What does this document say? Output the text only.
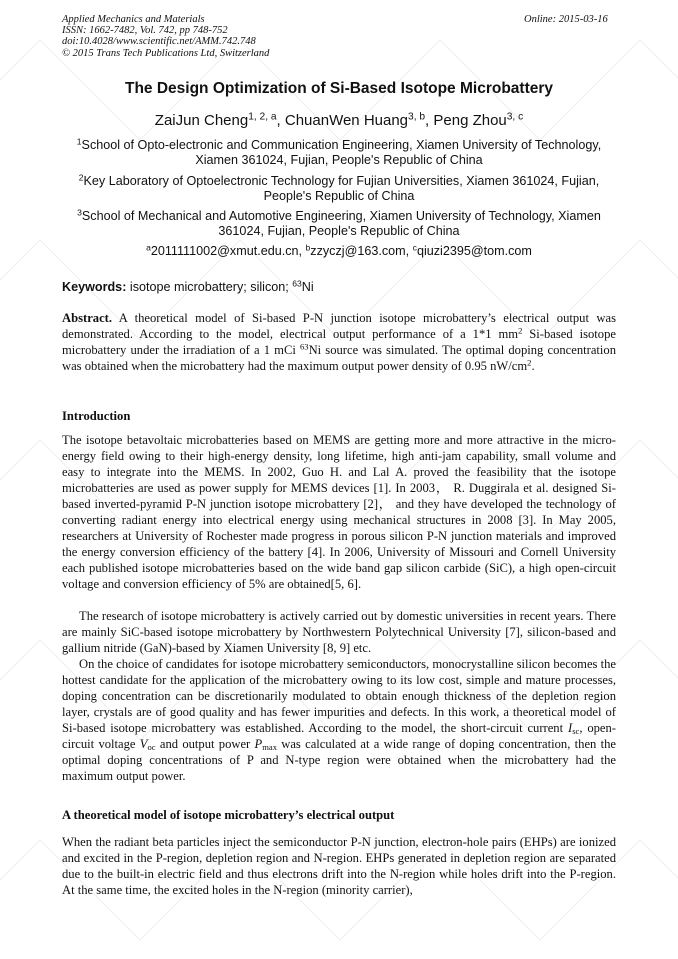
Applied Mechanics and Materials
ISSN: 1662-7482, Vol. 742, pp 748-752
doi:10.4028/www.scientific.net/AMM.742.748
© 2015 Trans Tech Publications Ltd, Switzerland
Online: 2015-03-16
The Design Optimization of Si-Based Isotope Microbattery
ZaiJun Cheng$^{1, 2, a}$, ChuanWen Huang$^{3, b}$, Peng Zhou$^{3, c}$
$^1$School of Opto-electronic and Communication Engineering, Xiamen University of Technology, Xiamen 361024, Fujian, People's Republic of China
$^2$Key Laboratory of Optoelectronic Technology for Fujian Universities, Xiamen 361024, Fujian, People's Republic of China
$^3$School of Mechanical and Automotive Engineering, Xiamen University of Technology, Xiamen 361024, Fujian, People's Republic of China
$^a$2011111002@xmut.edu.cn, $^b$zzyczj@163.com, $^c$qiuzi2395@tom.com
Keywords: isotope microbattery; silicon; $^{63}$Ni
Abstract. A theoretical model of Si-based P-N junction isotope microbattery’s electrical output was demonstrated. According to the model, electrical output performance of a 1*1 $mm^2$ Si-based isotope microbattery under the irradiation of a 1 mCi $^{63}$Ni source was simulated. The optimal doping concentration was obtained when the microbattery had the maximum output power density of 0.95 $nW/cm^2$.
Introduction
The isotope betavoltaic microbatteries based on MEMS are getting more and more attractive in the micro-energy field owing to their high-energy density, long lifetime, high anti-jam capability, small volume and easy to integrate into the MEMS. In 2002, Guo H. and Lal A. proved the feasibility that the isotope microbatteries are used as power supply for MEMS devices [1]. In 2003， R. Duggirala et al. designed Si-based inverted-pyramid P-N junction isotope microbattery [2]， and they have developed the technology of converting radiant energy into electrical energy using mechanical structures in 2008 [3]. In May 2005, researchers at University of Rochester made progress in porous silicon P-N junction materials and improved the energy conversion efficiency of the battery [4]. In 2006, University of Missouri and Cornell University each published isotope microbatteries based on the wide band gap silicon carbide (SiC), a high open-circuit voltage and conversion efficiency of 5% are obtained[5, 6].
The research of isotope microbattery is actively carried out by domestic universities in recent years. There are mainly SiC-based isotope microbattery by Northwestern Polytechnical University [7], silicon-based and gallium nitride (GaN)-based by Xiamen University [8, 9] etc.
On the choice of candidates for isotope microbattery semiconductors, monocrystalline silicon becomes the hottest candidate for the application of the microbattery owing to its low cost, simple and mature processes, doping concentration can be discretionarily modulated to obtain enough thickness of the depletion region layer, crystals are of good quality and has fewer impurities and defects. In this work, a theoretical model of Si-based isotope microbattery was established. According to the model, the short-circuit current $I_{sc}$, open-circuit voltage $V_{oc}$ and output power $P_{max}$ was calculated at a wide range of doping concentration, then the optimal doping concentrations of P and N-type region were obtained when the microbattery had the maximum output power.
A theoretical model of isotope microbattery’s electrical output
When the radiant beta particles inject the semiconductor P-N junction, electron-hole pairs (EHPs) are ionized and excited in the P-region, depletion region and N-region. EHPs generated in depletion region are separated due to the built-in electric field and thus electrons drift into the N-region while holes drift into the P-region. At the same time, the excited holes in the N-region (minority carrier),
